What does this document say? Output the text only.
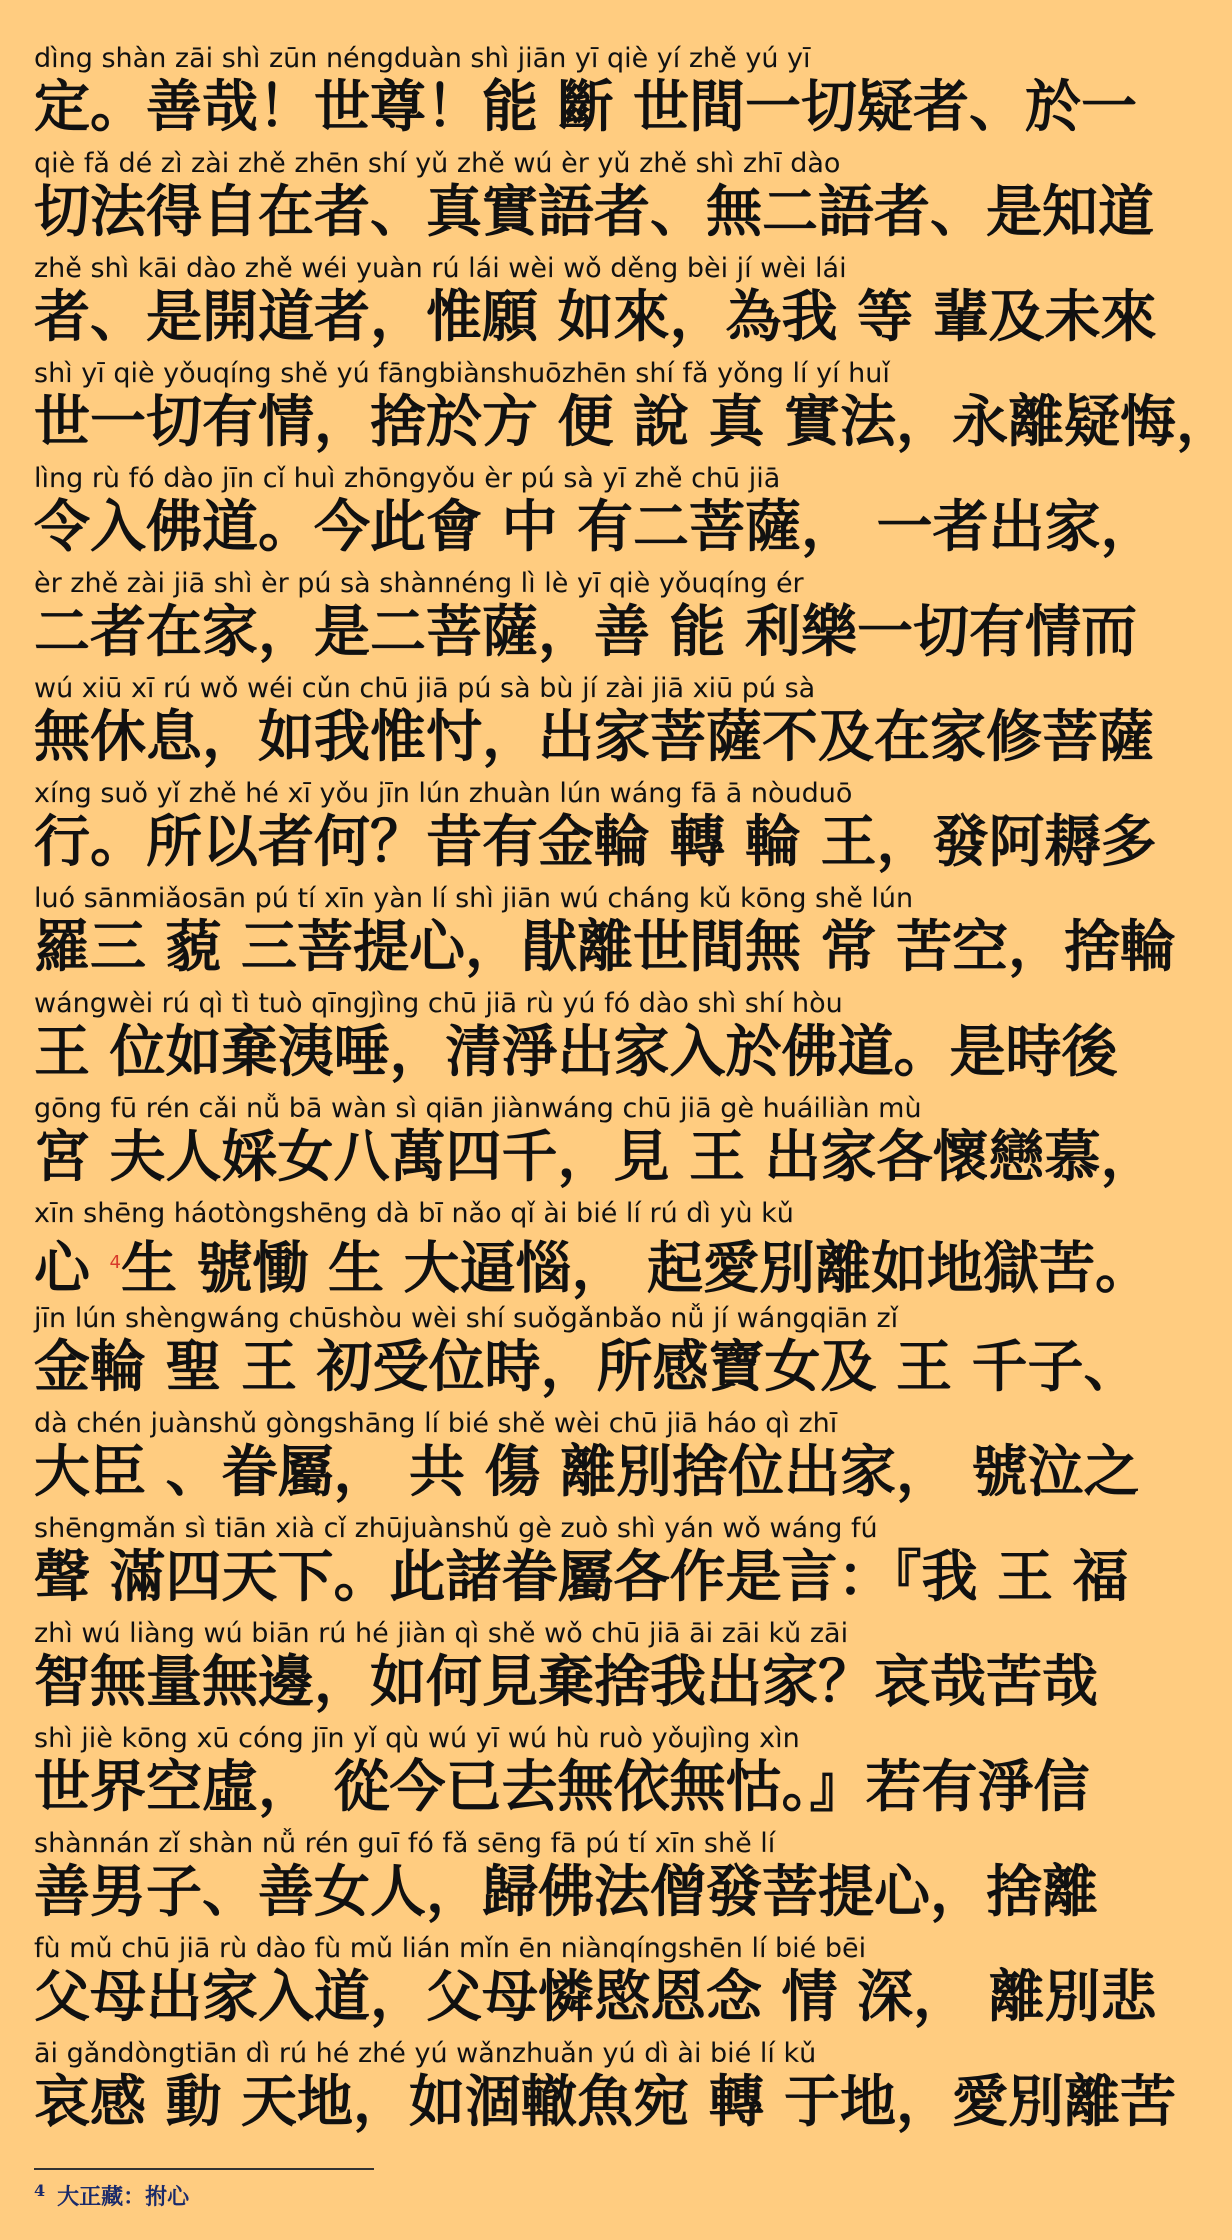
dìng shàn zāi shì zūn néngduàn shì jiān yī qiè yí zhě yú yī
定。善哉！世尊！能 斷 世間一切疑者、於一
qiè fǎ dé zì zài zhě zhēn shí yǔ zhě wú èr yǔ zhě shì zhī dào
切法得自在者、真實語者、無二語者、是知道
zhě shì kāi dào zhě wéi yuàn rú lái wèi wǒ děng bèi jí wèi lái
者、是開道者，惟願 如來，為我 等 輩及未來
shì yī qiè yǒuqíng shě yú fāngbiànshuōzhēn shí fǎ yǒng lí yí huǐ
世一切有情，捨於方 便 說 真 實法，永離疑悔，
lìng rù fó dào jīn cǐ huì zhōngyǒu èr pú sà yī zhě chū jiā
令入佛道。今此會 中 有二菩薩， 一者出家，
èr zhě zài jiā shì èr pú sà shànnéng lì lè yī qiè yǒuqíng ér
二者在家，是二菩薩，善 能 利樂一切有情而
wú xiū xī rú wǒ wéi cǔn chū jiā pú sà bù jí zài jiā xiū pú sà
無休息，如我惟忖，出家菩薩不及在家修菩薩
xíng suǒ yǐ zhě hé xī yǒu jīn lún zhuàn lún wáng fā ā nòuduō
行。所以者何？昔有金輪 轉 輪 王，發阿耨多
luó sānmiǎosān pú tí xīn yàn lí shì jiān wú cháng kǔ kōng shě lún
羅三 藐 三菩提心，猒離世間無 常 苦空，捨輪
wángwèi rú qì tì tuò qīngjìng chū jiā rù yú fó dào shì shí hòu
王 位如棄洟唾，清淨出家入於佛道。是時後
gōng fū rén cǎi nǚ bā wàn sì qiān jiànwáng chū jiā gè huáiliàn mù
宮 夫人婇女八萬四千，見 王 出家各懷戀慕，
xīn shēng háotòngshēng dà bī nǎo qǐ ài bié lí rú dì yù kǔ
心 $^4$生 號慟 生 大逼惱， 起愛別離如地獄苦。
jīn lún shèngwáng chūshòu wèi shí suǒgǎnbǎo nǚ jí wángqiān zǐ
金輪 聖 王 初受位時，所感寶女及 王 千子、
dà chén juànshǔ gòngshāng lí bié shě wèi chū jiā háo qì zhī
大臣 、眷屬， 共 傷 離別捨位出家， 號泣之
shēngmǎn sì tiān xià cǐ zhūjuànshǔ gè zuò shì yán wǒ wáng fú
聲 滿四天下。此諸眷屬各作是言：『我 王 福
zhì wú liàng wú biān rú hé jiàn qì shě wǒ chū jiā āi zāi kǔ zāi
智無量無邊，如何見棄捨我出家？哀哉苦哉
shì jiè kōng xū cóng jīn yǐ qù wú yī wú hù ruò yǒujìng xìn
世界空虛， 從今已去無依無怙。』若有淨信
shànnán zǐ shàn nǚ rén guī fó fǎ sēng fā pú tí xīn shě lí
善男子、善女人，歸佛法僧發菩提心，捨離
fù mǔ chū jiā rù dào fù mǔ lián mǐn ēn niànqíngshēn lí bié bēi
父母出家入道，父母憐愍恩念 情 深， 離別悲
āi gǎndòngtiān dì rú hé zhé yú wǎnzhuǎn yú dì ài bié lí kǔ
哀感 動 天地，如涸轍魚宛 轉 于地，愛別離苦
$^4$ 大正藏：拊心
